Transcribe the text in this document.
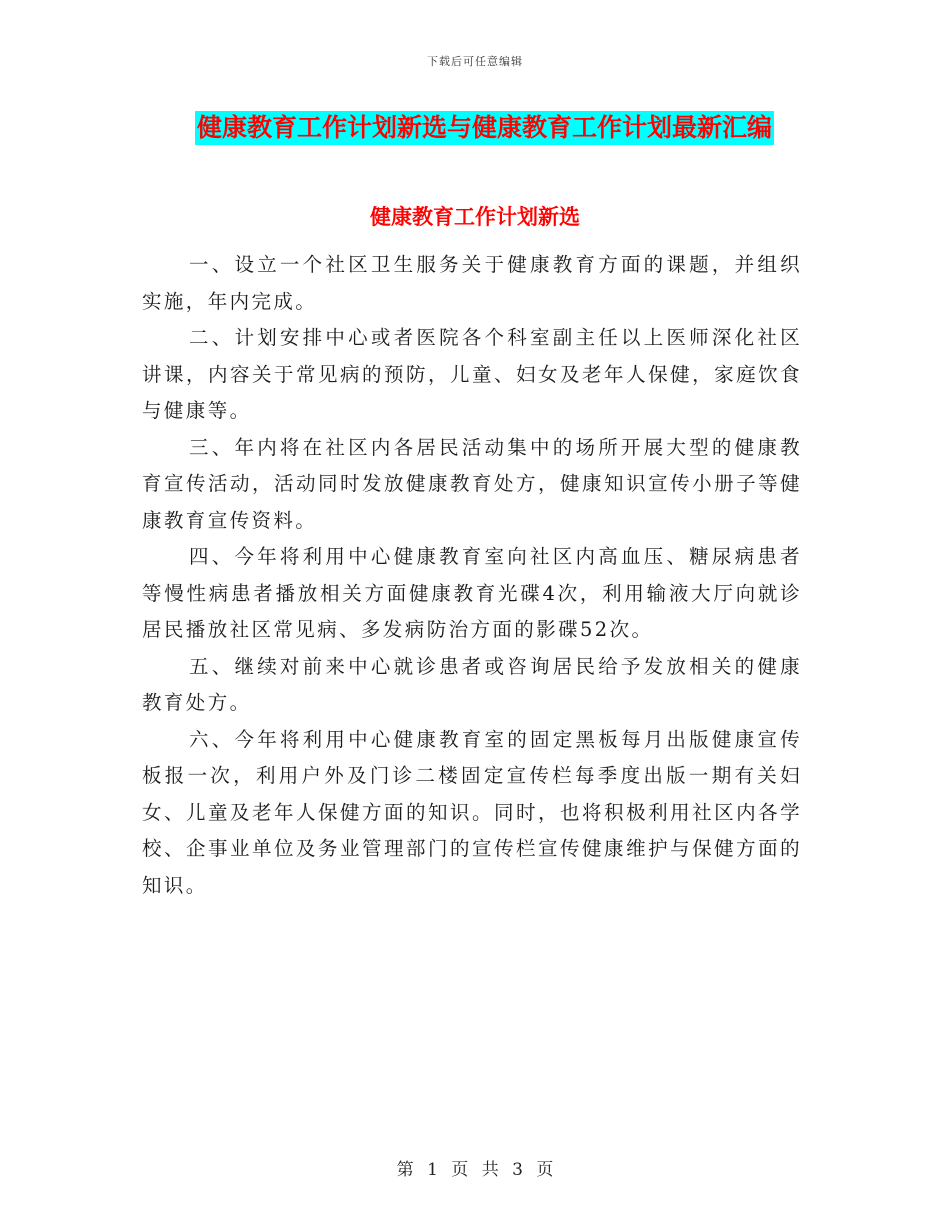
下载后可任意编辑
健康教育工作计划新选与健康教育工作计划最新汇编
健康教育工作计划新选

一、设立一个社区卫生服务关于健康教育方面的课题，并组织实施，年内完成。

二、计划安排中心或者医院各个科室副主任以上医师深化社区讲课，内容关于常见病的预防，儿童、妇女及老年人保健，家庭饮食与健康等。

三、年内将在社区内各居民活动集中的场所开展大型的健康教育宣传活动，活动同时发放健康教育处方，健康知识宣传小册子等健康教育宣传资料。

四、今年将利用中心健康教育室向社区内高血压、糖尿病患者等慢性病患者播放相关方面健康教育光碟4次，利用输液大厅向就诊居民播放社区常见病、多发病防治方面的影碟52次。

五、继续对前来中心就诊患者或咨询居民给予发放相关的健康教育处方。

六、今年将利用中心健康教育室的固定黑板每月出版健康宣传板报一次，利用户外及门诊二楼固定宣传栏每季度出版一期有关妇女、儿童及老年人保健方面的知识。同时，也将积极利用社区内各学校、企事业单位及务业管理部门的宣传栏宣传健康维护与保健方面的知识。

第 1 页 共 3 页
